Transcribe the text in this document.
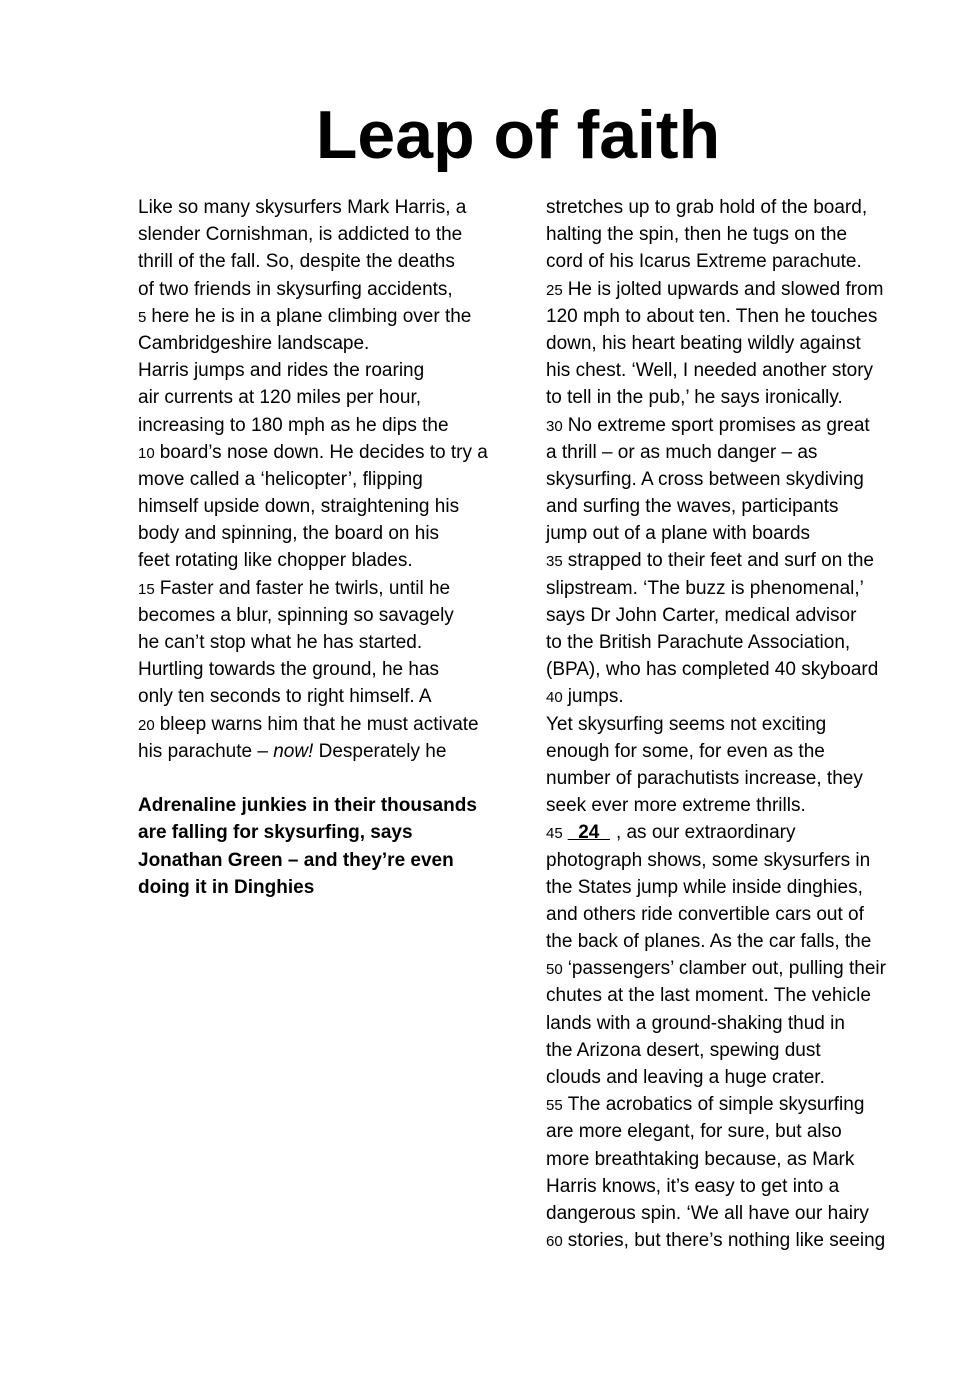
Leap of faith
Like so many skysurfers Mark Harris, a
slender Cornishman, is addicted to the
thrill of the fall. So, despite the deaths
of two friends in skysurfing accidents,
5 here he is in a plane climbing over the
Cambridgeshire landscape.
Harris jumps and rides the roaring
air currents at 120 miles per hour,
increasing to 180 mph as he dips the
10 board’s nose down. He decides to try a
move called a ‘helicopter’, flipping
himself upside down, straightening his
body and spinning, the board on his
feet rotating like chopper blades.
15 Faster and faster he twirls, until he
becomes a blur, spinning so savagely
he can’t stop what he has started.
Hurtling towards the ground, he has
only ten seconds to right himself. A
20 bleep warns him that he must activate
his parachute – now! Desperately he
Adrenaline junkies in their thousands
are falling for skysurfing, says
Jonathan Green – and they’re even
doing it in Dinghies
stretches up to grab hold of the board,
halting the spin, then he tugs on the
cord of his Icarus Extreme parachute.
25 He is jolted upwards and slowed from
120 mph to about ten. Then he touches
down, his heart beating wildly against
his chest. ‘Well, I needed another story
to tell in the pub,’ he says ironically.
30 No extreme sport promises as great
a thrill – or as much danger – as
skysurfing. A cross between skydiving
and surfing the waves, participants
jump out of a plane with boards
35 strapped to their feet and surf on the
slipstream. ‘The buzz is phenomenal,’
says Dr John Carter, medical advisor
to the British Parachute Association,
(BPA), who has completed 40 skyboard
40 jumps.
Yet skysurfing seems not exciting
enough for some, for even as the
number of parachutists increase, they
seek ever more extreme thrills.
45  24  , as our extraordinary
photograph shows, some skysurfers in
the States jump while inside dinghies,
and others ride convertible cars out of
the back of planes. As the car falls, the
50 ‘passengers’ clamber out, pulling their
chutes at the last moment. The vehicle
lands with a ground-shaking thud in
the Arizona desert, spewing dust
clouds and leaving a huge crater.
55 The acrobatics of simple skysurfing
are more elegant, for sure, but also
more breathtaking because, as Mark
Harris knows, it’s easy to get into a
dangerous spin. ‘We all have our hairy
60 stories, but there’s nothing like seeing
